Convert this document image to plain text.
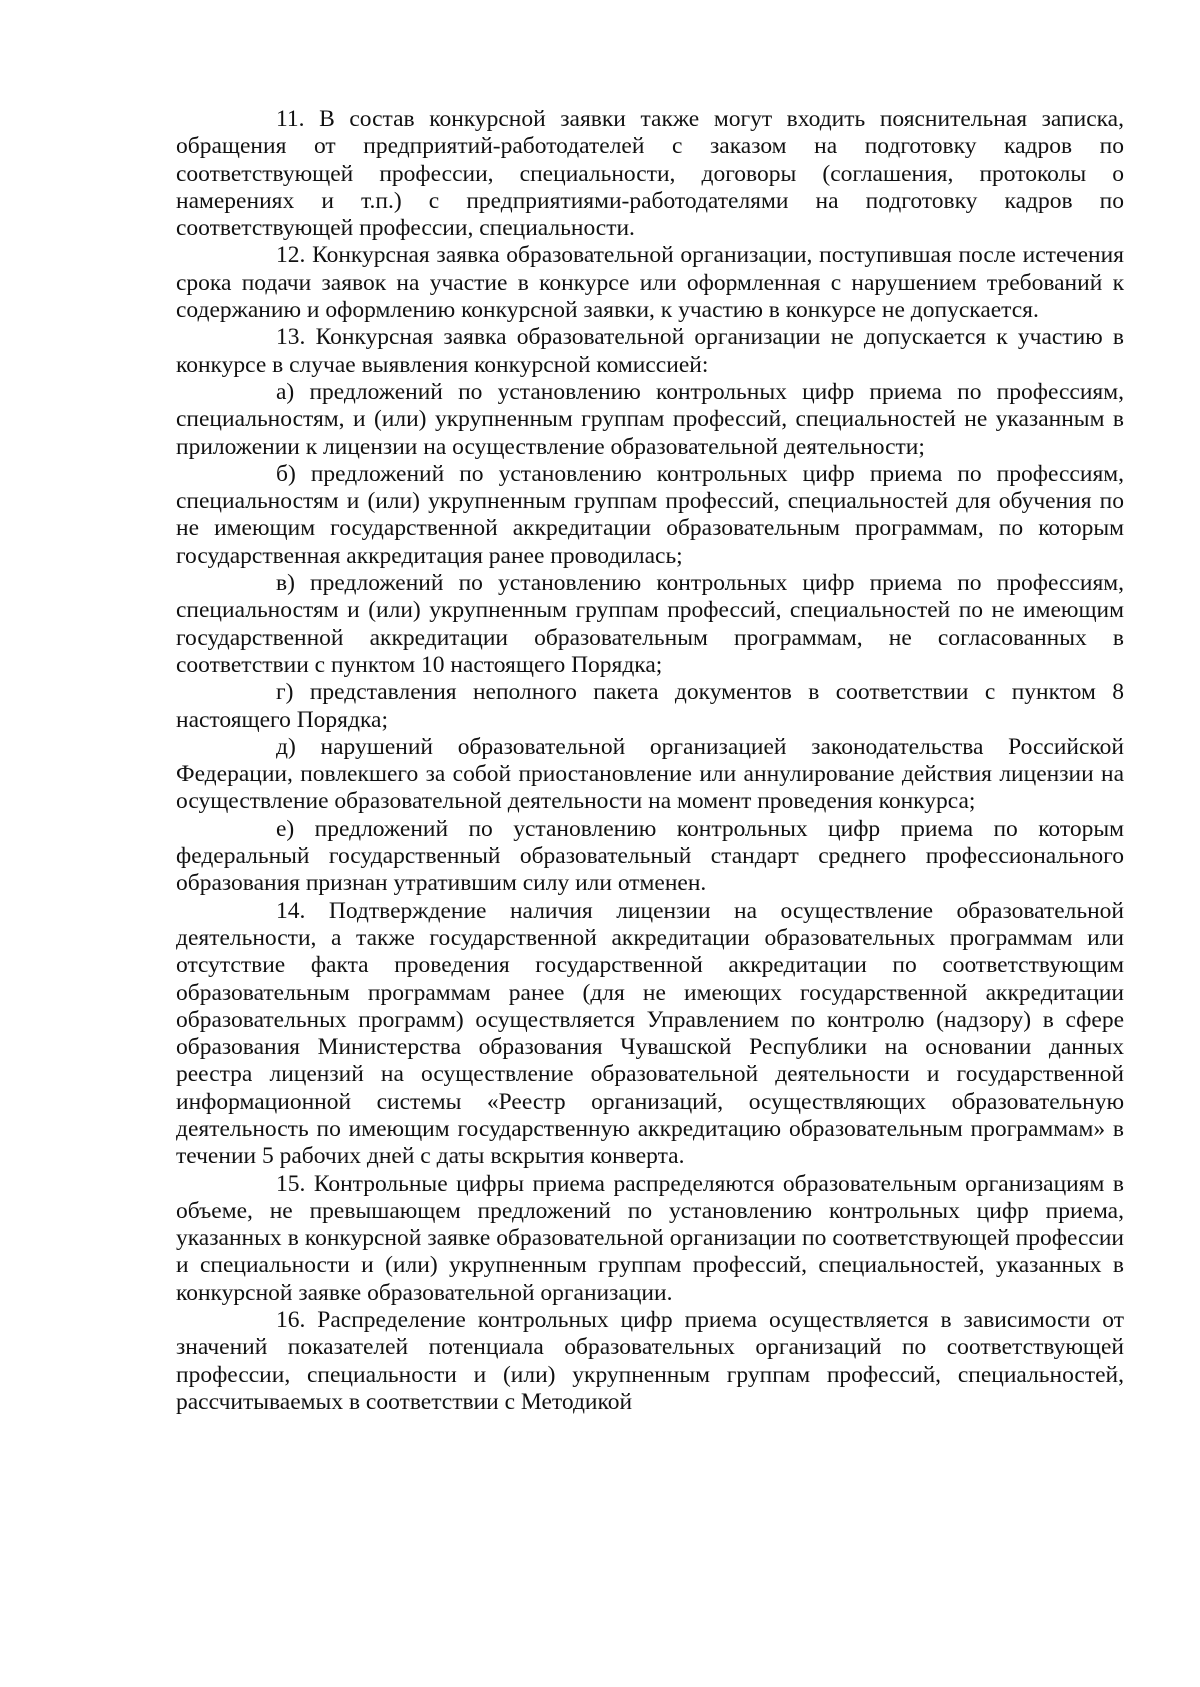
11. В состав конкурсной заявки также могут входить пояснительная записка, обращения от предприятий-работодателей с заказом на подготовку кадров по соответствующей профессии, специальности, договоры (соглашения, протоколы о намерениях и т.п.) с предприятиями-работодателями на подготовку кадров по соответствующей профессии, специальности.

12. Конкурсная заявка образовательной организации, поступившая после истечения срока подачи заявок на участие в конкурсе или оформленная с нарушением требований к содержанию и оформлению конкурсной заявки, к участию в конкурсе не допускается.

13. Конкурсная заявка образовательной организации не допускается к участию в конкурсе в случае выявления конкурсной комиссией:

а) предложений по установлению контрольных цифр приема по профессиям, специальностям, и (или) укрупненным группам профессий, специальностей не указанным в приложении к лицензии на осуществление образовательной деятельности;

б) предложений по установлению контрольных цифр приема по профессиям, специальностям и (или) укрупненным группам профессий, специальностей для обучения по не имеющим государственной аккредитации образовательным программам, по которым государственная аккредитация ранее проводилась;

в) предложений по установлению контрольных цифр приема по профессиям, специальностям и (или) укрупненным группам профессий, специальностей по не имеющим государственной аккредитации образовательным программам, не согласованных в соответствии с пунктом 10 настоящего Порядка;

г) представления неполного пакета документов в соответствии с пунктом 8 настоящего Порядка;

д) нарушений образовательной организацией законодательства Российской Федерации, повлекшего за собой приостановление или аннулирование действия лицензии на осуществление образовательной деятельности на момент проведения конкурса;

е) предложений по установлению контрольных цифр приема по которым федеральный государственный образовательный стандарт среднего профессионального образования признан утратившим силу или отменен.

14. Подтверждение наличия лицензии на осуществление образовательной деятельности, а также государственной аккредитации образовательных программам или отсутствие факта проведения государственной аккредитации по соответствующим образовательным программам ранее (для не имеющих государственной аккредитации образовательных программ) осуществляется Управлением по контролю (надзору) в сфере образования Министерства образования Чувашской Республики на основании данных реестра лицензий на осуществление образовательной деятельности и государственной информационной системы «Реестр организаций, осуществляющих образовательную деятельность по имеющим государственную аккредитацию образовательным программам» в течении 5 рабочих дней с даты вскрытия конверта.

15. Контрольные цифры приема распределяются образовательным организациям в объеме, не превышающем предложений по установлению контрольных цифр приема, указанных в конкурсной заявке образовательной организации по соответствующей профессии и специальности и (или) укрупненным группам профессий, специальностей, указанных в конкурсной заявке образовательной организации.

16. Распределение контрольных цифр приема осуществляется в зависимости от значений показателей потенциала образовательных организаций по соответствующей профессии, специальности и (или) укрупненным группам профессий, специальностей, рассчитываемых в соответствии с Методикой
